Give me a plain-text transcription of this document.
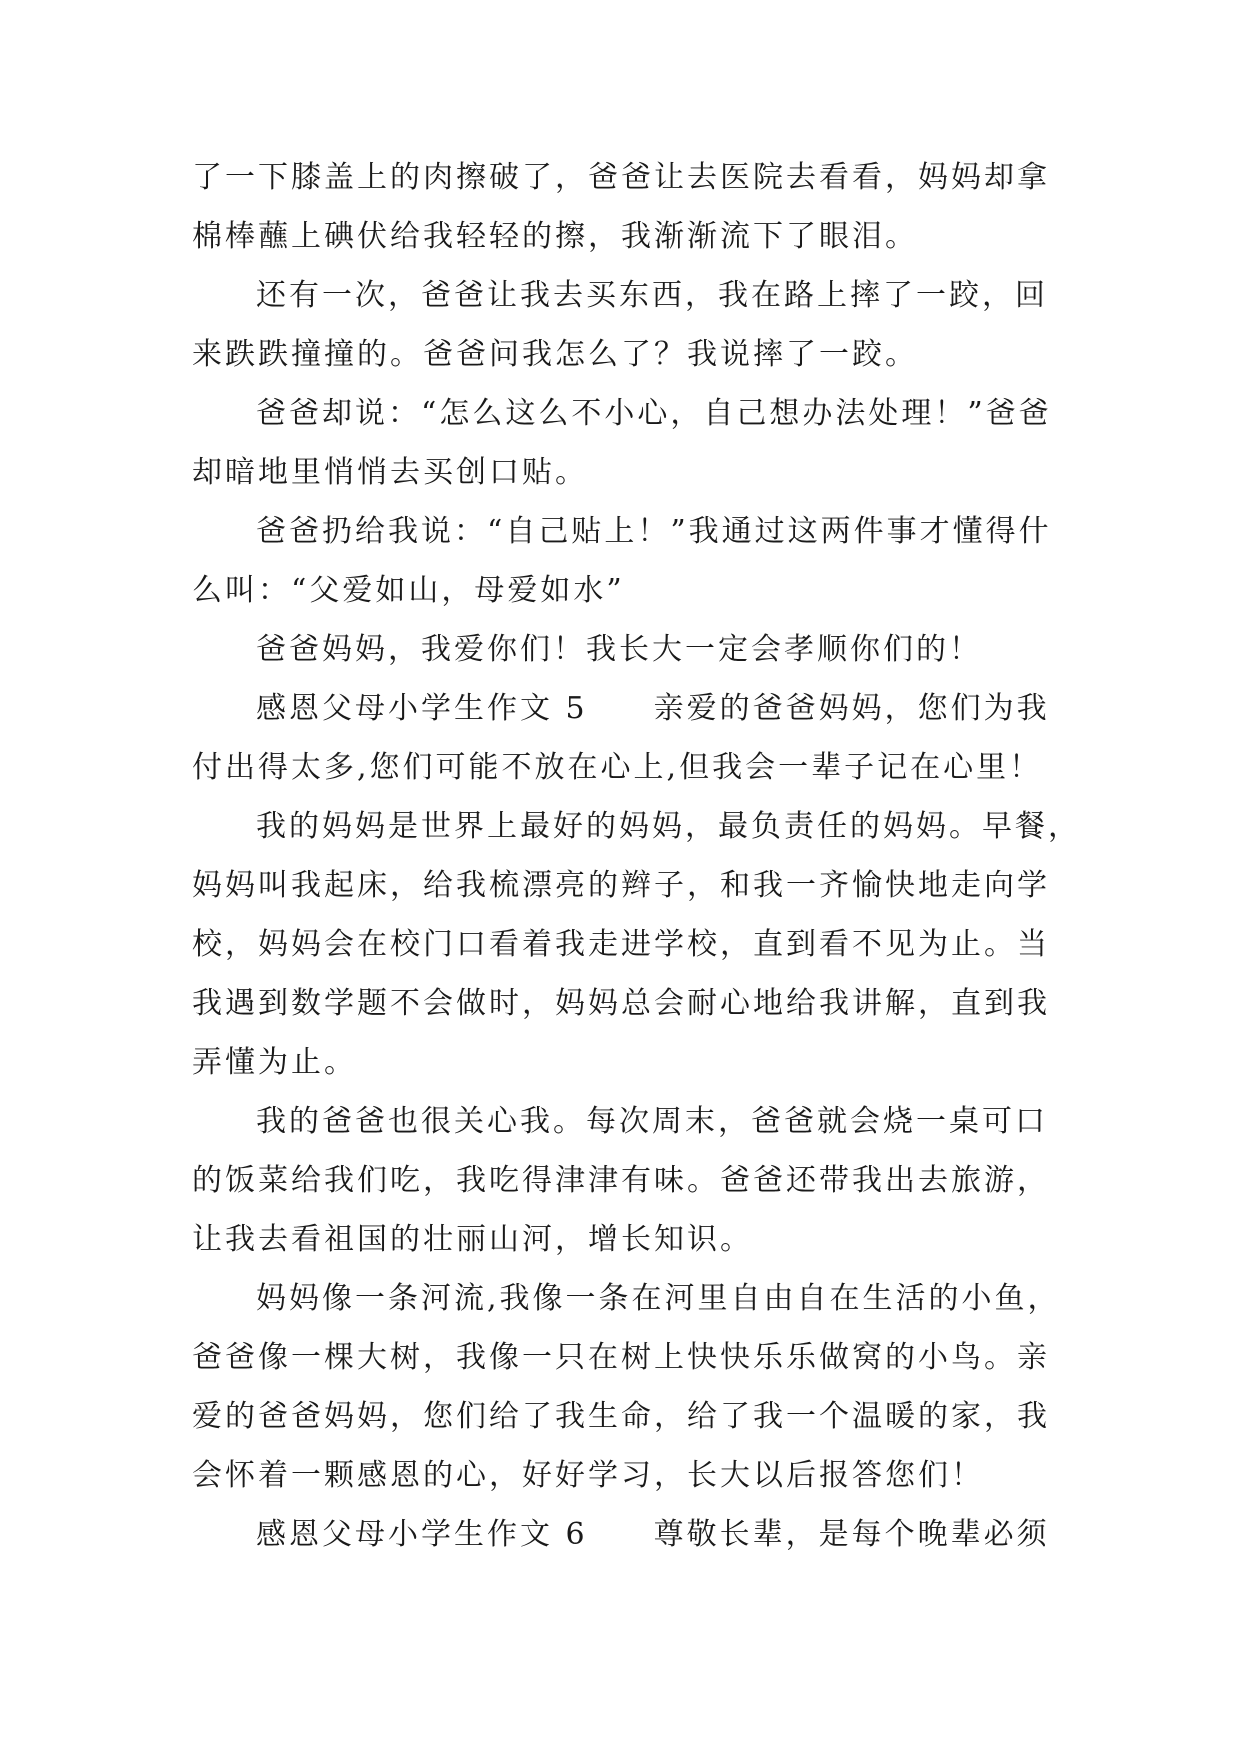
了一下膝盖上的肉擦破了，爸爸让去医院去看看，妈妈却拿
棉棒蘸上碘伏给我轻轻的擦，我渐渐流下了眼泪。
还有一次，爸爸让我去买东西，我在路上摔了一跤，回
来跌跌撞撞的。爸爸问我怎么了？我说摔了一跤。
爸爸却说：“怎么这么不小心，自己想办法处理！”爸爸
却暗地里悄悄去买创口贴。
爸爸扔给我说：“自己贴上！”我通过这两件事才懂得什
么叫：“父爱如山，母爱如水”
爸爸妈妈，我爱你们！我长大一定会孝顺你们的！
感恩父母小学生作文 5　　亲爱的爸爸妈妈，您们为我
付出得太多,您们可能不放在心上,但我会一辈子记在心里！
我的妈妈是世界上最好的妈妈，最负责任的妈妈。早餐，
妈妈叫我起床，给我梳漂亮的辫子，和我一齐愉快地走向学
校，妈妈会在校门口看着我走进学校，直到看不见为止。当
我遇到数学题不会做时，妈妈总会耐心地给我讲解，直到我
弄懂为止。
我的爸爸也很关心我。每次周末，爸爸就会烧一桌可口
的饭菜给我们吃，我吃得津津有味。爸爸还带我出去旅游，
让我去看祖国的壮丽山河，增长知识。
妈妈像一条河流,我像一条在河里自由自在生活的小鱼，
爸爸像一棵大树，我像一只在树上快快乐乐做窝的小鸟。亲
爱的爸爸妈妈，您们给了我生命，给了我一个温暖的家，我
会怀着一颗感恩的心，好好学习，长大以后报答您们！
感恩父母小学生作文 6　　尊敬长辈，是每个晚辈必须
